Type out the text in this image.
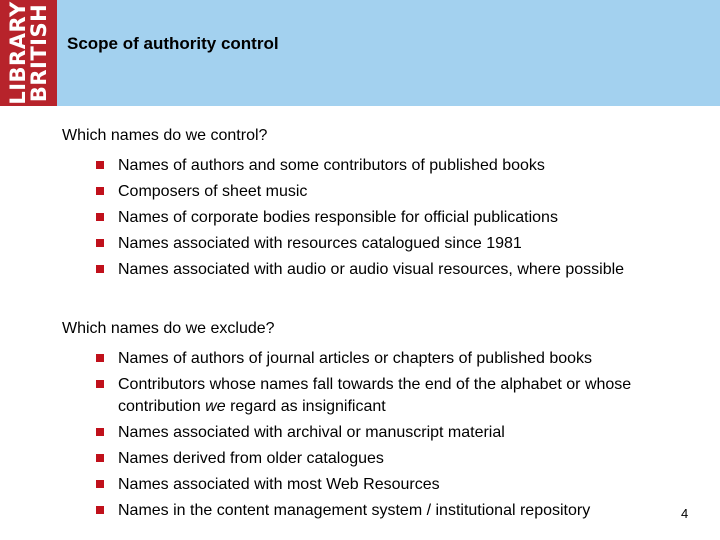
LIBRARY
BRITISH Scope of authority control
Which names do we control?
Names of authors and some contributors of published books
Composers of sheet music
Names of corporate bodies responsible for official publications
Names associated with resources catalogued since 1981
Names associated with audio or audio visual resources, where possible
Which names do we exclude?
Names of authors of journal articles or chapters of published books
Contributors whose names fall towards the end of the alphabet or whose contribution we regard as insignificant
Names associated with archival or manuscript material
Names derived from older catalogues
Names associated with most Web Resources
Names in the content management system / institutional repository	4
